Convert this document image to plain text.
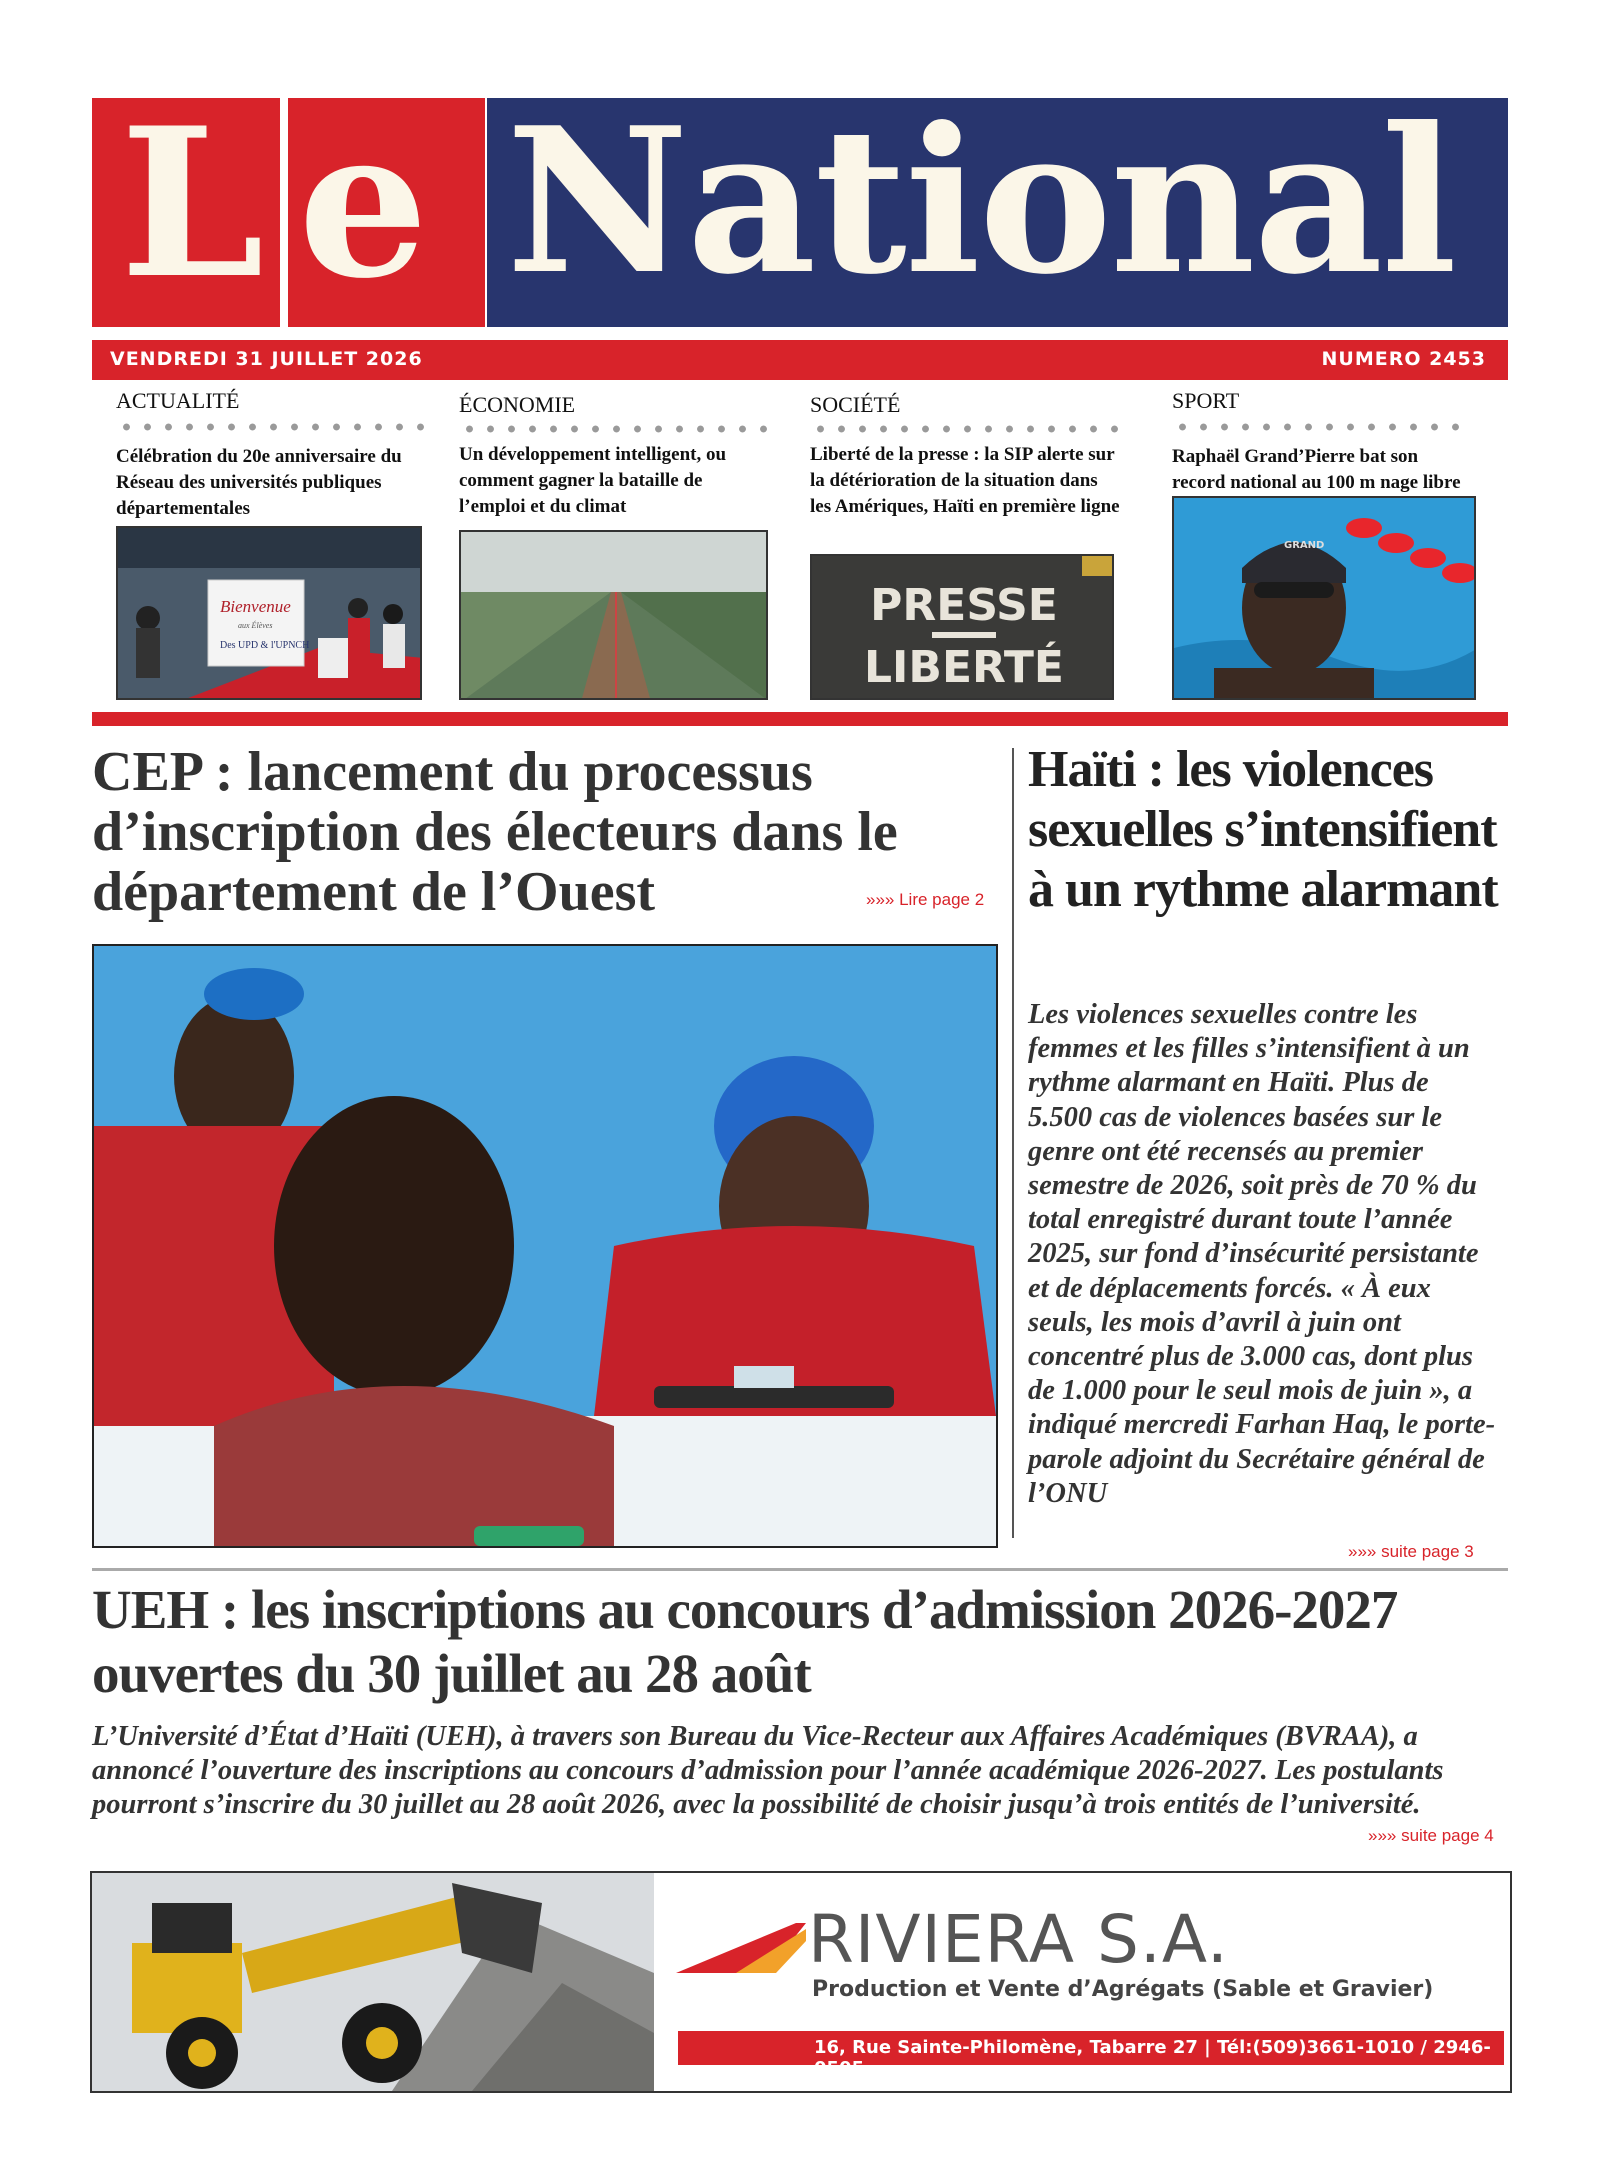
L e National
VENDREDI 31 JUILLET 2026	NUMERO 2453
ACTUALITÉ
Célébration du 20e anniversaire du Réseau des universités publiques départementales
Bienvenue
aux Élèves
Des UPD & l'UPNCH
ÉCONOMIE
Un développement intelligent, ou comment gagner la bataille de l’emploi et du climat
SOCIÉTÉ
Liberté de la presse : la SIP alerte sur la détérioration de la situation dans les Amériques, Haïti en première ligne
PRESSE
LIBERTÉ
SPORT
Raphaël Grand’Pierre bat son record national au 100 m nage libre
GRAND
CEP : lancement du processus d’inscription des électeurs dans le département de l’Ouest	»»» Lire page 2
Haïti : les violences sexuelles s’intensifient à un rythme alarmant
Les violences sexuelles contre les femmes et les filles s’intensifient à un rythme alarmant en Haïti. Plus de 5.500 cas de violences basées sur le genre ont été recensés au premier semestre de 2026, soit près de 70 % du total enregistré durant toute l’année 2025, sur fond d’insécurité persistante et de déplacements forcés. « À eux seuls, les mois d’avril à juin ont concentré plus de 3.000 cas, dont plus de 1.000 pour le seul mois de juin », a indiqué mercredi Farhan Haq, le porte-parole adjoint du Secrétaire général de l’ONU
»»» suite page 3
UEH : les inscriptions au concours d’admission 2026-2027 ouvertes du 30 juillet au 28 août
L’Université d’État d’Haïti (UEH), à travers son Bureau du Vice-Recteur aux Affaires Académiques (BVRAA), a annoncé l’ouverture des inscriptions au concours d’admission pour l’année académique 2026-2027. Les postulants pourront s’inscrire du 30 juillet au 28 août 2026, avec la possibilité de choisir jusqu’à trois entités de l’université.
»»» suite page 4
RIVIERA S.A.
Production et Vente d’Agrégats (Sable et Gravier)
16, Rue Sainte-Philomène, Tabarre 27 | Tél:(509)3661-1010 / 2946-0505
